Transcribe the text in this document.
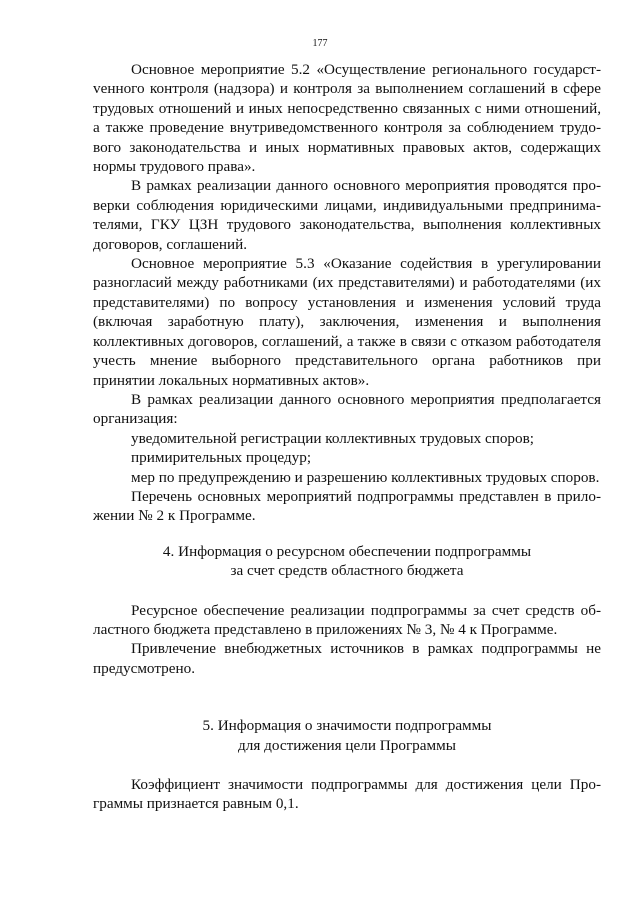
177

Основное мероприятие 5.2 «Осуществление регионального государстvенного контроля (надзора) и контроля за выполнением соглашений в сфере трудовых отношений и иных непосредственно связанных с ними отношений, а также проведение внутриведомственного контроля за соблюдением трудового законодательства и иных нормативных правовых актов, содержащих нормы трудового права».

В рамках реализации данного основного мероприятия проводятся проверки соблюдения юридическими лицами, индивидуальными предпринимателями, ГКУ ЦЗН трудового законодательства, выполнения коллективных договоров, соглашений.

Основное мероприятие 5.3 «Оказание содействия в урегулировании разногласий между работниками (их представителями) и работодателями (их представителями) по вопросу установления и изменения условий труда (включая заработную плату), заключения, изменения и выполнения коллективных договоров, соглашений, а также в связи с отказом работодателя учесть мнение выборного представительного органа работников при принятии локальных нормативных актов».

В рамках реализации данного основного мероприятия предполагается организация:

уведомительной регистрации коллективных трудовых споров;

примирительных процедур;

мер по предупреждению и разрешению коллективных трудовых споров.

Перечень основных мероприятий подпрограммы представлен в приложении № 2 к Программе.

4. Информация о ресурсном обеспечении подпрограммы
за счет средств областного бюджета

Ресурсное обеспечение реализации подпрограммы за счет средств областного бюджета представлено в приложениях № 3, № 4 к Программе.

Привлечение внебюджетных источников в рамках подпрограммы не предусмотрено.

5. Информация о значимости подпрограммы
для достижения цели Программы

Коэффициент значимости подпрограммы для достижения цели Программы признается равным 0,1.
